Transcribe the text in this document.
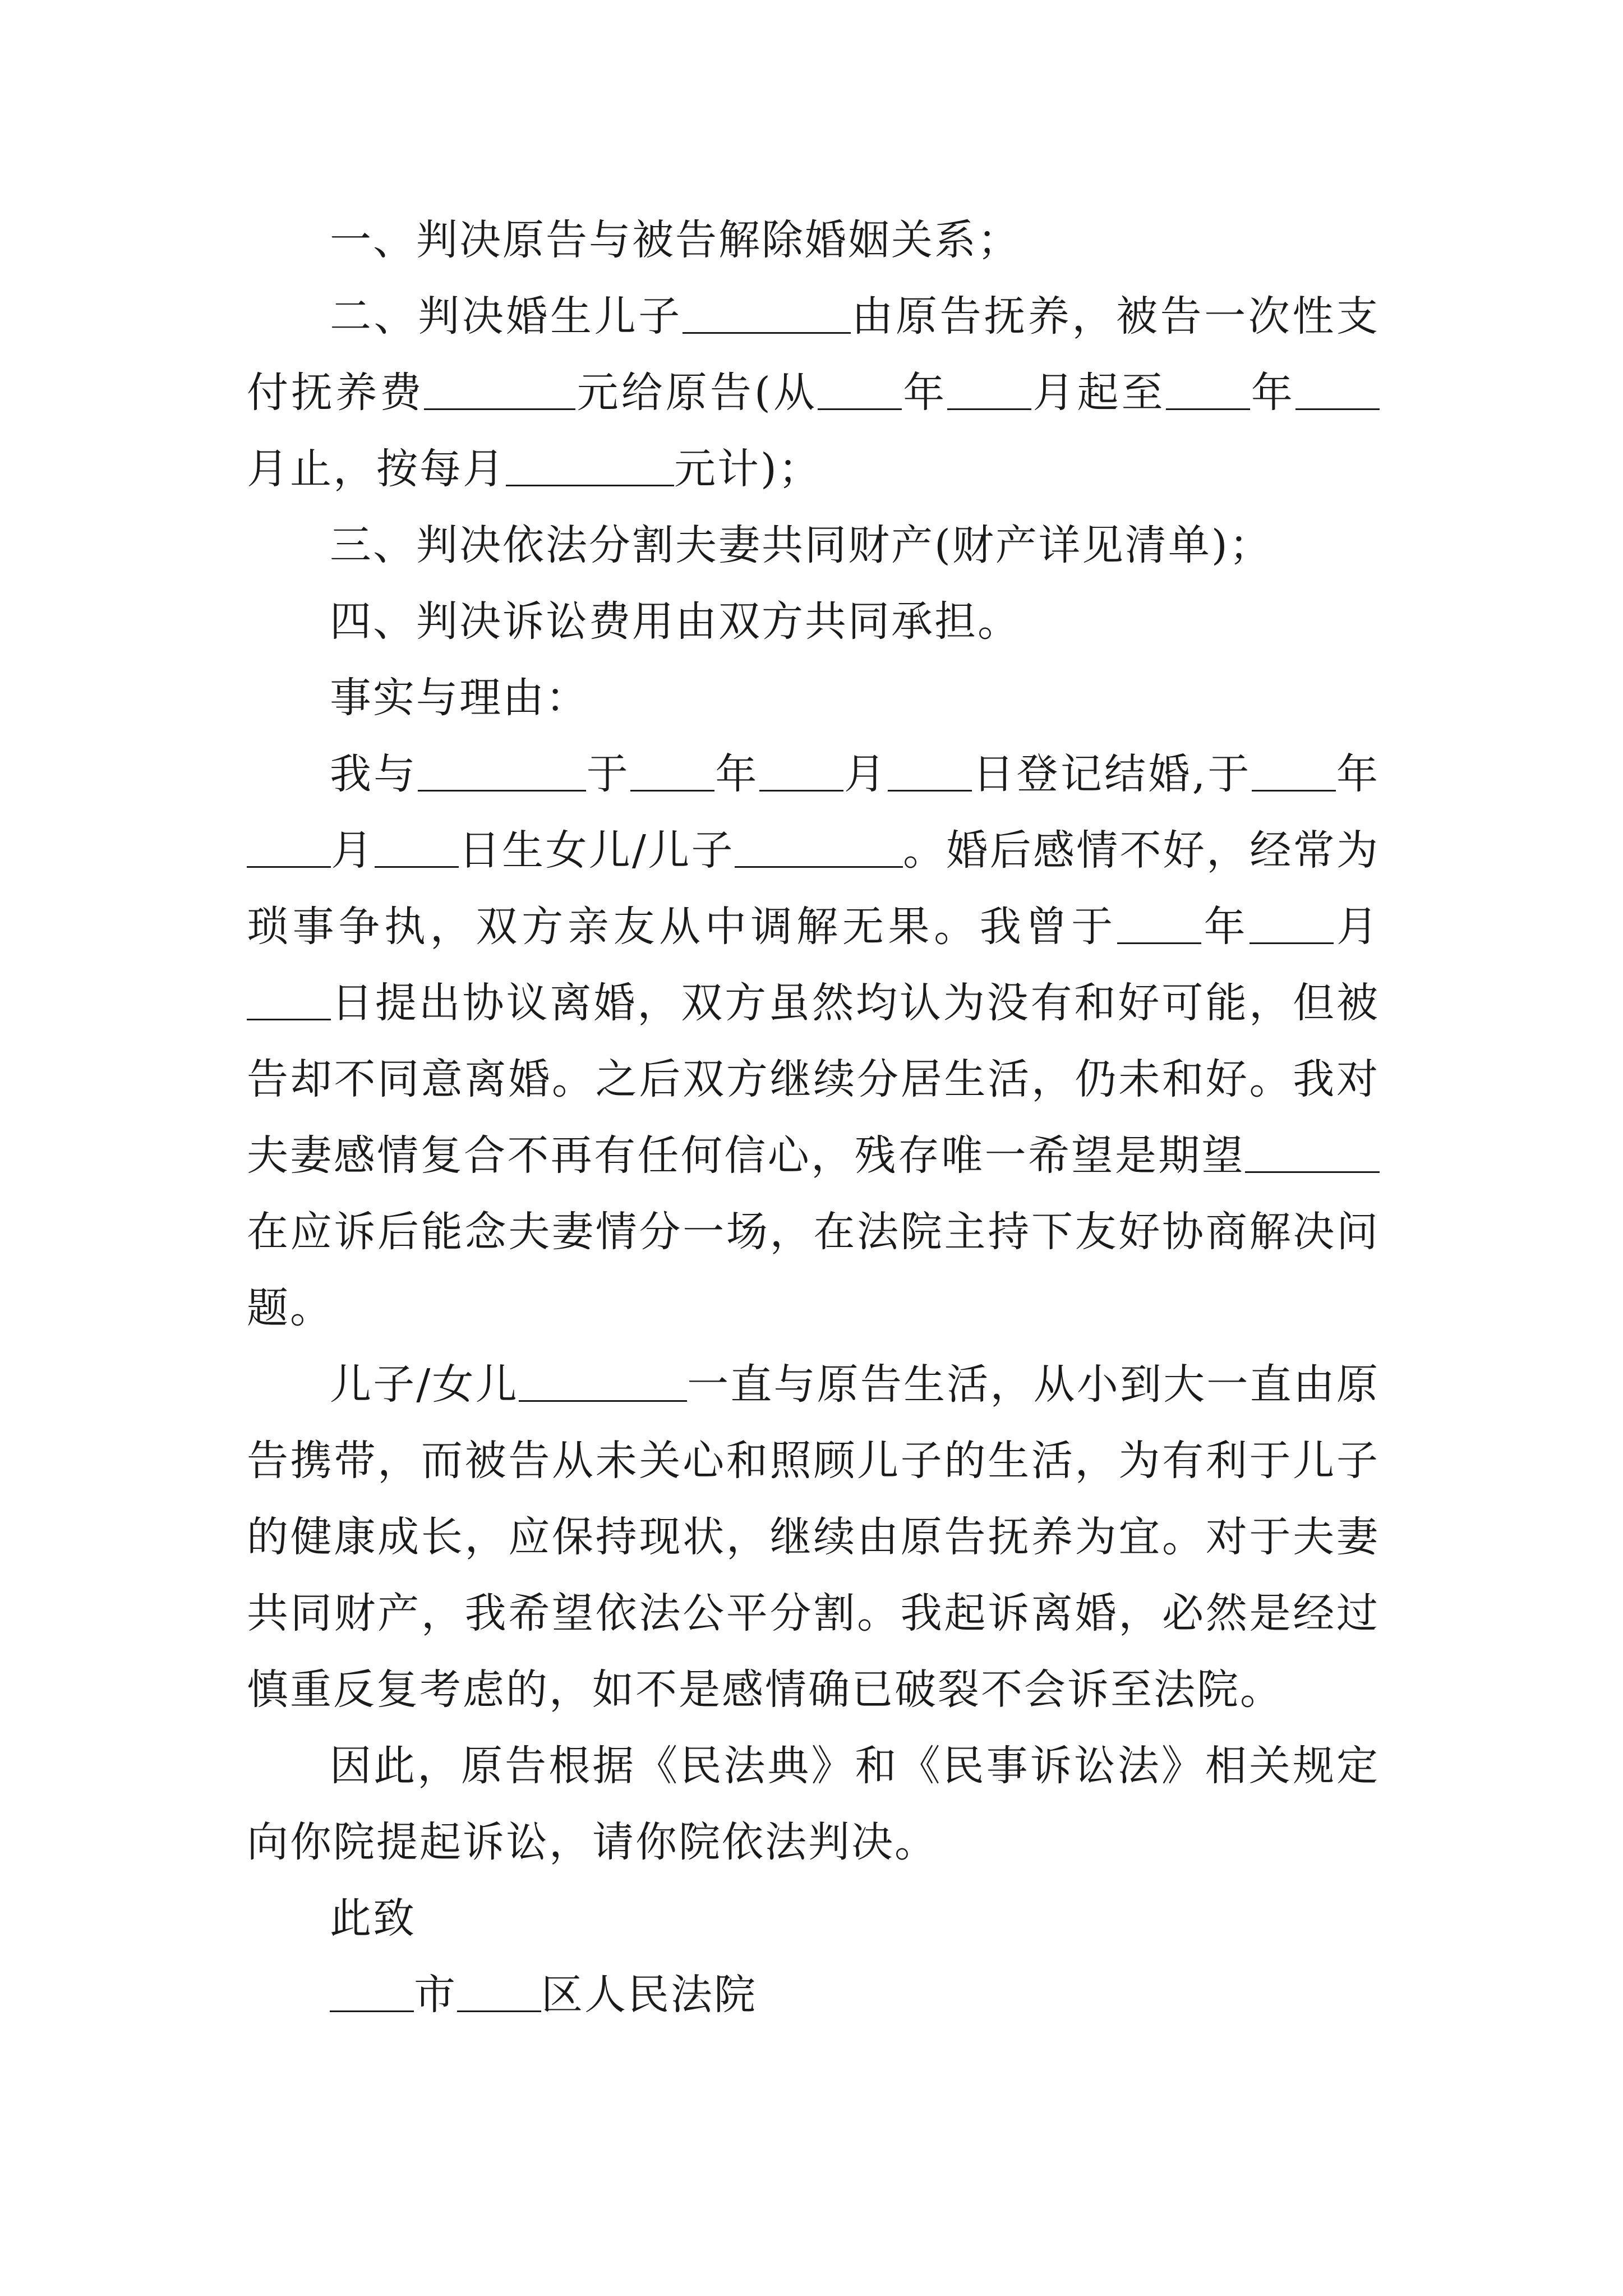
一、判决原告与被告解除婚姻关系；

二、判决婚生儿子	由原告抚养，被告一次性支付抚养费	元给原告(从 年 月起至 年月止，按每月	元计)；

三、判决依法分割夫妻共同财产(财产详见清单)；

四、判决诉讼费用由双方共同承担。

事实与理由：

我与	于 年 月 日登记结婚,于 年月 日生女儿/儿子	。婚后感情不好，经常为琐事争执，双方亲友从中调解无果。我曾于 年 月日提出协议离婚，双方虽然均认为没有和好可能，但被告却不同意离婚。之后双方继续分居生活，仍未和好。我对夫妻感情复合不再有任何信心，残存唯一希望是期望在应诉后能念夫妻情分一场，在法院主持下友好协商解决问题。

儿子/女儿	一直与原告生活，从小到大一直由原告携带，而被告从未关心和照顾儿子的生活，为有利于儿子的健康成长，应保持现状，继续由原告抚养为宜。对于夫妻共同财产，我希望依法公平分割。我起诉离婚，必然是经过慎重反复考虑的，如不是感情确已破裂不会诉至法院。

因此，原告根据《民法典》和《民事诉讼法》相关规定向你院提起诉讼，请你院依法判决。

此致

市 区人民法院
